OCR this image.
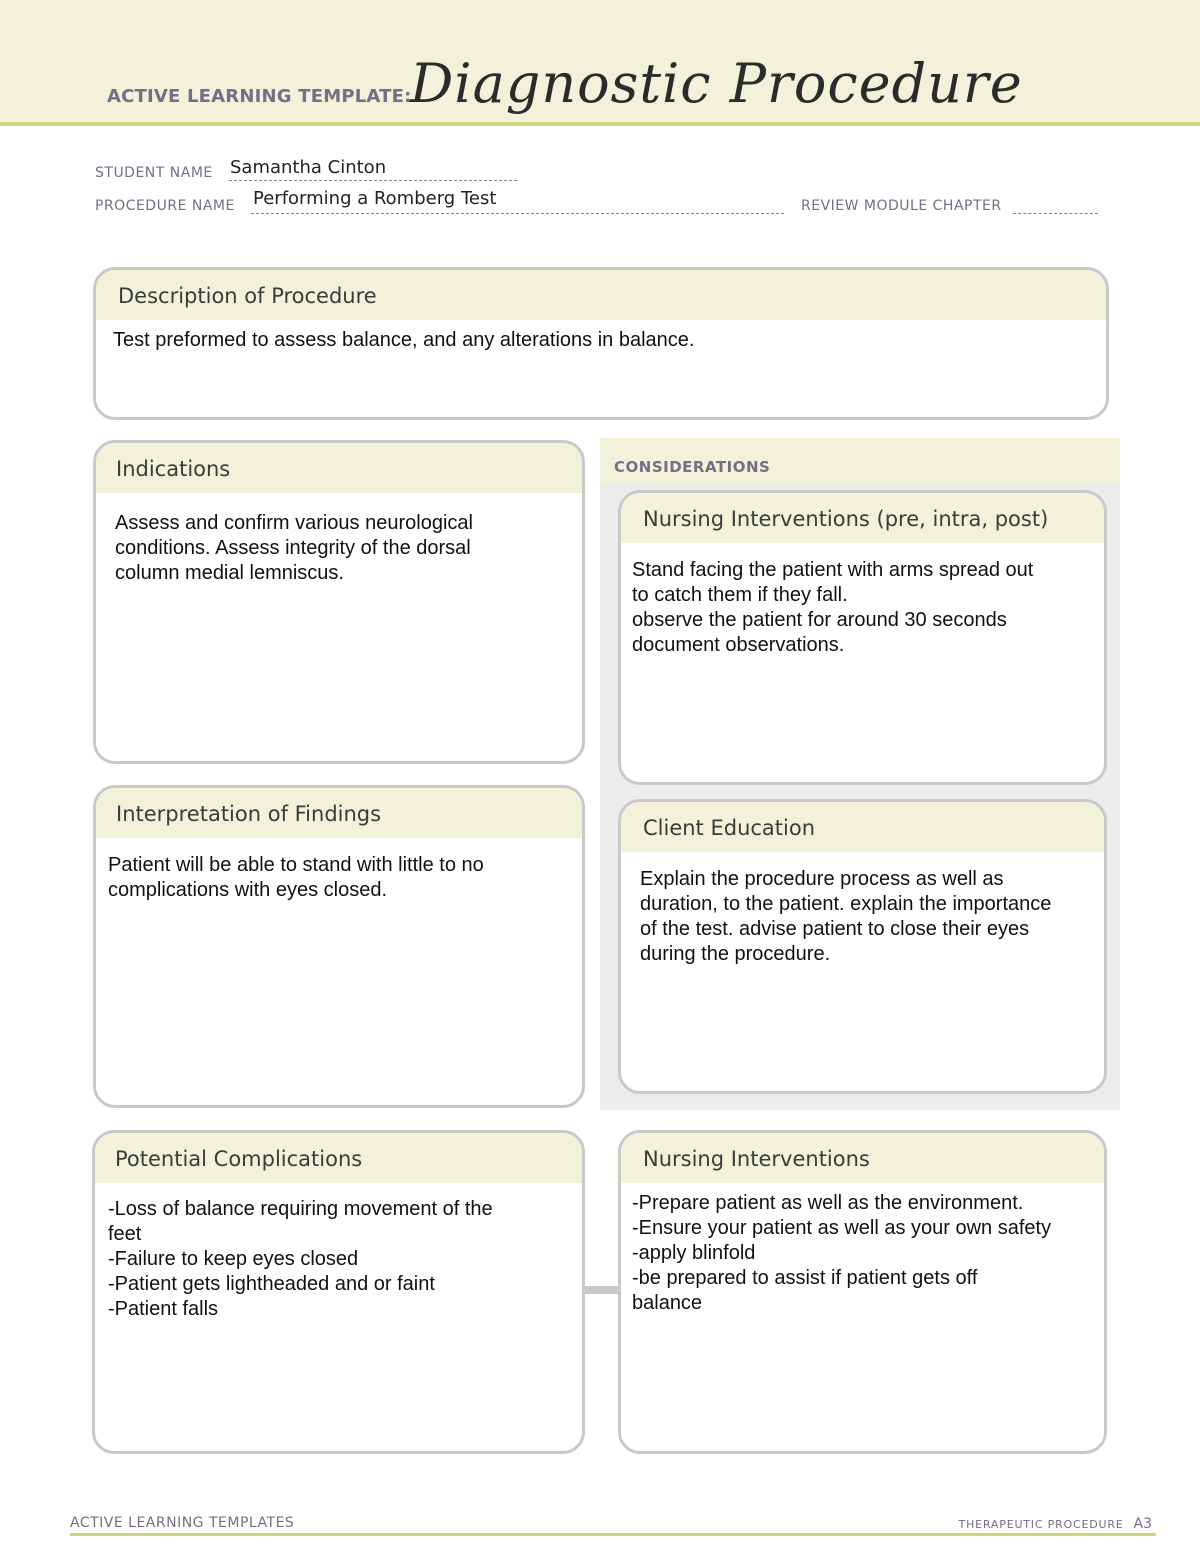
ACTIVE LEARNING TEMPLATE:
Diagnostic Procedure
STUDENT NAME Samantha Cinton
PROCEDURE NAME Performing a Romberg Test	REVIEW MODULE CHAPTER
Description of Procedure
Test preformed to assess balance, and any alterations in balance.
CONSIDERATIONS
Indications
Assess and confirm various neurological
conditions. Assess integrity of the dorsal
column medial lemniscus.
Nursing Interventions (pre, intra, post)
Stand facing the patient with arms spread out
to catch them if they fall.
observe the patient for around 30 seconds
document observations.
Interpretation of Findings
Patient will be able to stand with little to no
complications with eyes closed.
Client Education
Explain the procedure process as well as
duration, to the patient. explain the importance
of the test. advise patient to close their eyes
during the procedure.
Potential Complications
-Loss of balance requiring movement of the
feet
-Failure to keep eyes closed
-Patient gets lightheaded and or faint
-Patient falls
Nursing Interventions
-Prepare patient as well as the environment.
-Ensure your patient as well as your own safety
-apply blinfold
-be prepared to assist if patient gets off
balance
ACTIVE LEARNING TEMPLATES	THERAPEUTIC PROCEDURE A3
